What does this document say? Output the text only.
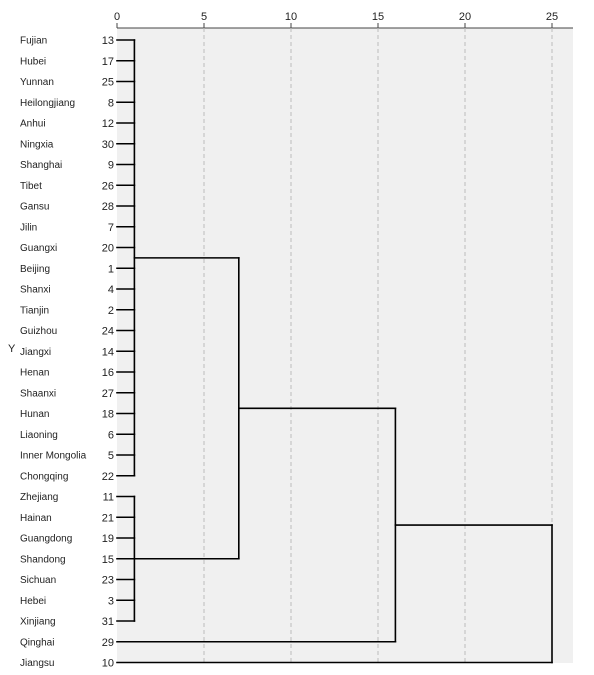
0	5	10	15	20	25
Fujian	13
Hubei	17
Yunnan	25
Heilongjiang	8
Anhui	12
Ningxia	30
Shanghai	9
Tibet	26
Gansu	28
Jilin	7
Guangxi	20
Beijing	1
Shanxi	4
Tianjin	2
Guizhou	24
Jiangxi	14
Henan	16
Shaanxi	27
Hunan	18
Liaoning	6
Inner Mongolia 5
Chongqing	22
Zhejiang	11
Hainan	21
Guangdong	19
Shandong	15
Sichuan	23
Hebei	3
Xinjiang	31
Qinghai	29
Jiangsu	10
Y
